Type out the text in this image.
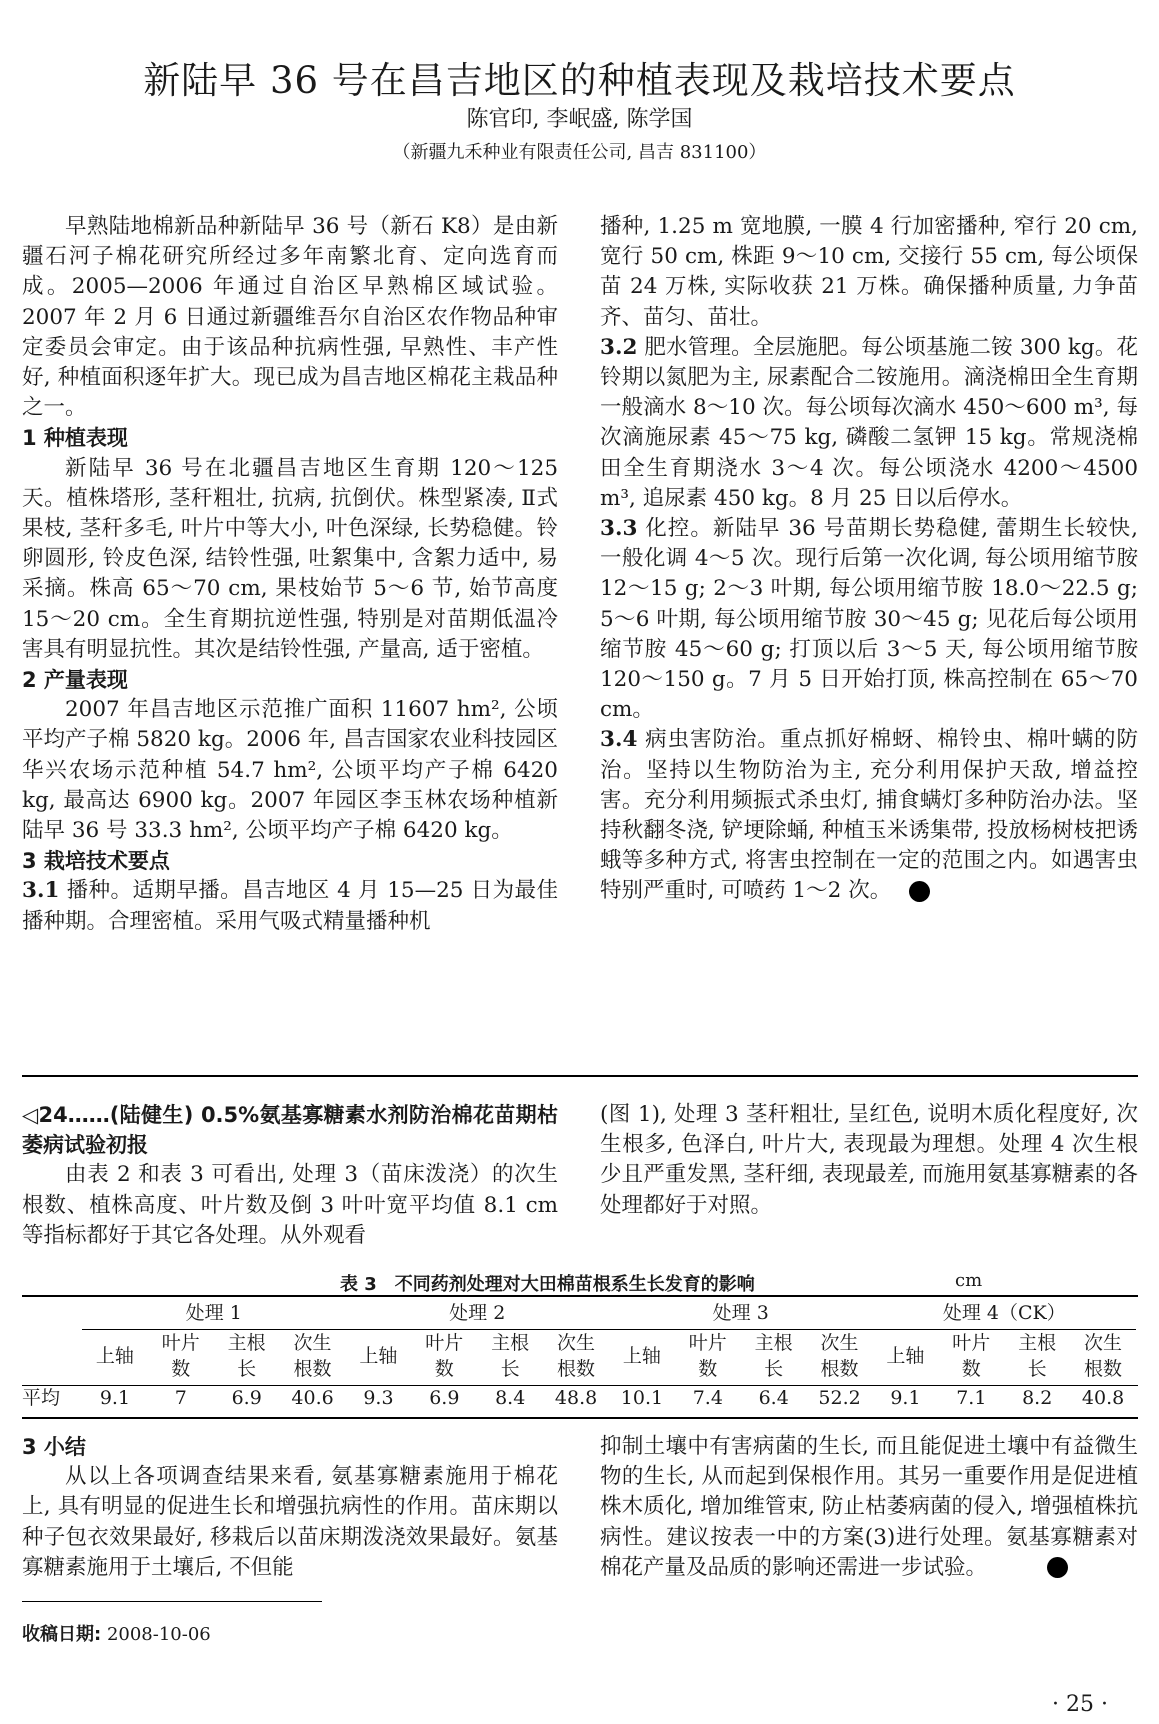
新陆早 36 号在昌吉地区的种植表现及栽培技术要点
陈官印, 李岷盛, 陈学国
（新疆九禾种业有限责任公司, 昌吉 831100）

早熟陆地棉新品种新陆早 36 号（新石 K8）是由新疆石河子棉花研究所经过多年南繁北育、定向选育而成。2005—2006 年通过自治区早熟棉区域试验。2007 年 2 月 6 日通过新疆维吾尔自治区农作物品种审定委员会审定。由于该品种抗病性强, 早熟性、丰产性好, 种植面积逐年扩大。现已成为昌吉地区棉花主栽品种之一。

1 种植表现

新陆早 36 号在北疆昌吉地区生育期 120～125 天。植株塔形, 茎秆粗壮, 抗病, 抗倒伏。株型紧凑, Ⅱ式果枝, 茎秆多毛, 叶片中等大小, 叶色深绿, 长势稳健。铃卵圆形, 铃皮色深, 结铃性强, 吐絮集中, 含絮力适中, 易采摘。株高 65～70 cm, 果枝始节 5～6 节, 始节高度 15～20 cm。全生育期抗逆性强, 特别是对苗期低温冷害具有明显抗性。其次是结铃性强, 产量高, 适于密植。

2 产量表现

2007 年昌吉地区示范推广面积 11607 hm², 公顷平均产子棉 5820 kg。2006 年, 昌吉国家农业科技园区华兴农场示范种植 54.7 hm², 公顷平均产子棉 6420 kg, 最高达 6900 kg。2007 年园区李玉林农场种植新陆早 36 号 33.3 hm², 公顷平均产子棉 6420 kg。

3 栽培技术要点

3.1 播种。适期早播。昌吉地区 4 月 15—25 日为最佳播种期。合理密植。采用气吸式精量播种机

播种, 1.25 m 宽地膜, 一膜 4 行加密播种, 窄行 20 cm, 宽行 50 cm, 株距 9～10 cm, 交接行 55 cm, 每公顷保苗 24 万株, 实际收获 21 万株。确保播种质量, 力争苗齐、苗匀、苗壮。

3.2 肥水管理。全层施肥。每公顷基施二铵 300 kg。花铃期以氮肥为主, 尿素配合二铵施用。滴浇棉田全生育期一般滴水 8～10 次。每公顷每次滴水 450～600 m³, 每次滴施尿素 45～75 kg, 磷酸二氢钾 15 kg。常规浇棉田全生育期浇水 3～4 次。每公顷浇水 4200～4500 m³, 追尿素 450 kg。8 月 25 日以后停水。

3.3 化控。新陆早 36 号苗期长势稳健, 蕾期生长较快, 一般化调 4～5 次。现行后第一次化调, 每公顷用缩节胺 12～15 g; 2～3 叶期, 每公顷用缩节胺 18.0～22.5 g; 5～6 叶期, 每公顷用缩节胺 30～45 g; 见花后每公顷用缩节胺 45～60 g; 打顶以后 3～5 天, 每公顷用缩节胺 120～150 g。7 月 5 日开始打顶, 株高控制在 65～70 cm。

3.4 病虫害防治。重点抓好棉蚜、棉铃虫、棉叶螨的防治。坚持以生物防治为主, 充分利用保护天敌, 增益控害。充分利用频振式杀虫灯, 捕食螨灯多种防治办法。坚持秋翻冬浇, 铲埂除蛹, 种植玉米诱集带, 投放杨树枝把诱蛾等多种方式, 将害虫控制在一定的范围之内。如遇害虫特别严重时, 可喷药 1～2 次。

◁24……(陆健生) 0.5%氨基寡糖素水剂防治棉花苗期枯萎病试验初报

由表 2 和表 3 可看出, 处理 3（苗床泼浇）的次生根数、植株高度、叶片数及倒 3 叶叶宽平均值 8.1 cm等指标都好于其它各处理。从外观看

(图 1), 处理 3 茎秆粗壮, 呈红色, 说明木质化程度好, 次生根多, 色泽白, 叶片大, 表现最为理想。处理 4 次生根少且严重发黑, 茎秆细, 表现最差, 而施用氨基寡糖素的各处理都好于对照。

表 3　不同药剂处理对大田棉苗根系生长发育的影响	cm
	处理 1				处理 2				处理 3				处理 4（CK）			
	上轴	叶片	主根	次生	上轴	叶片	主根	次生	上轴	叶片	主根	次生	上轴	叶片	主根	次生
		数	长	根数		数	长	根数		数	长	根数		数	长	根数
平均	9.1	7	6.9	40.6	9.3	6.9	8.4	48.8	10.1	7.4	6.4	52.2	9.1	7.1	8.2	40.8

3 小结

从以上各项调查结果来看, 氨基寡糖素施用于棉花上, 具有明显的促进生长和增强抗病性的作用。苗床期以种子包衣效果最好, 移栽后以苗床期泼浇效果最好。氨基寡糖素施用于土壤后, 不但能

抑制土壤中有害病菌的生长, 而且能促进土壤中有益微生物的生长, 从而起到保根作用。其另一重要作用是促进植株木质化, 增加维管束, 防止枯萎病菌的侵入, 增强植株抗病性。建议按表一中的方案(3)进行处理。氨基寡糖素对棉花产量及品质的影响还需进一步试验。

收稿日期: 2008-10-06
· 25 ·
